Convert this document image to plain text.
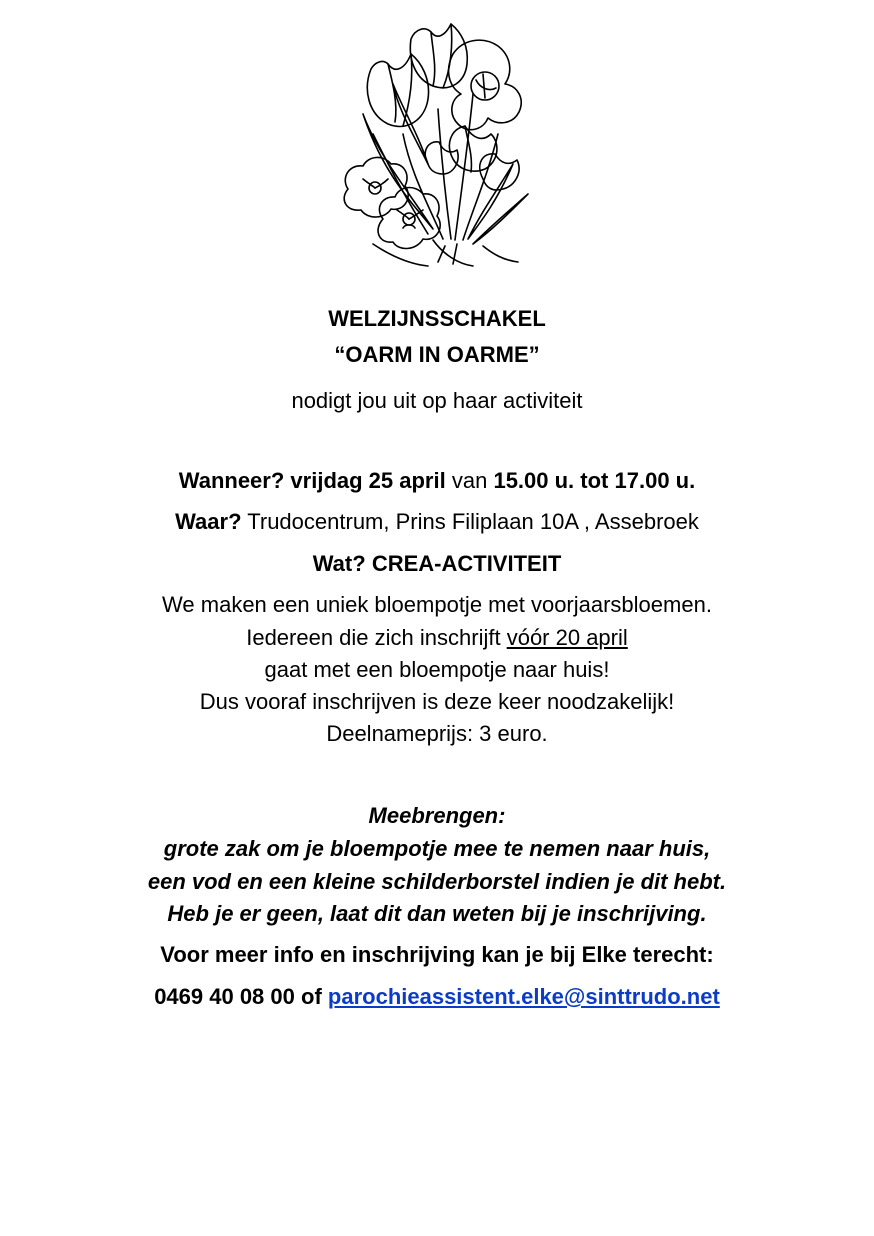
WELZIJNSSCHAKEL
“OARM IN OARME”
nodigt jou uit op haar activiteit
Wanneer? vrijdag 25 april van 15.00 u. tot 17.00 u.
Waar? Trudocentrum, Prins Filiplaan 10A , Assebroek
Wat? CREA-ACTIVITEIT
We maken een uniek bloempotje met voorjaarsbloemen.
Iedereen die zich inschrijft vóór 20 april
gaat met een bloempotje naar huis!
Dus vooraf inschrijven is deze keer noodzakelijk!
Deelnameprijs: 3 euro.
Meebrengen:
grote zak om je bloempotje mee te nemen naar huis,
een vod en een kleine schilderborstel indien je dit hebt.
Heb je er geen, laat dit dan weten bij je inschrijving.
Voor meer info en inschrijving kan je bij Elke terecht:
0469 40 08 00 of parochieassistent.elke@sinttrudo.net
